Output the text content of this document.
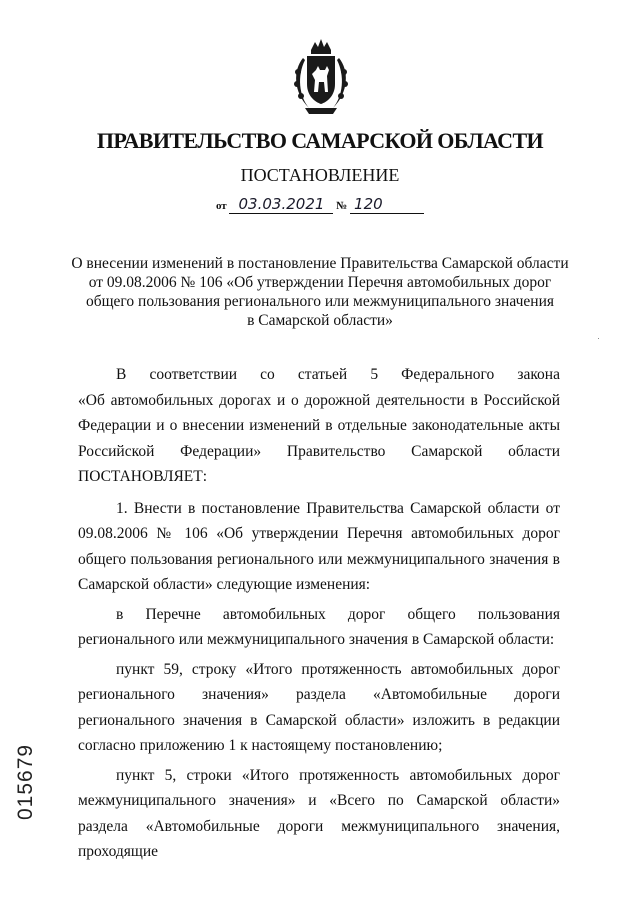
ПРАВИТЕЛЬСТВО САМАРСКОЙ ОБЛАСТИ
ПОСТАНОВЛЕНИЕ
от 03.03.2021 № 120
О внесении изменений в постановление Правительства Самарской области
от 09.08.2006 № 106 «Об утверждении Перечня автомобильных дорог
общего пользования регионального или межмуниципального значения
в Самарской области»

В соответствии со статьей 5 Федерального закона

«Об автомобильных дорогах и о дорожной деятельности в Российской

Федерации и о внесении изменений в отдельные законодательные акты

Российской Федерации» Правительство Самарской области

ПОСТАНОВЛЯЕТ:

1. Внести в постановление Правительства Самарской области от 09.08.2006 № 106 «Об утверждении Перечня автомобильных дорог общего пользования регионального или межмуниципального значения в Самарской области» следующие изменения:

в Перечне автомобильных дорог общего пользования регионального или межмуниципального значения в Самарской области:

пункт 59, строку «Итого протяженность автомобильных дорог регионального значения» раздела «Автомобильные дороги регионального значения в Самарской области» изложить в редакции согласно приложению 1 к настоящему постановлению;

пункт 5, строки «Итого протяженность автомобильных дорог межмуниципального значения» и «Всего по Самарской области» раздела «Автомобильные дороги межмуниципального значения, проходящие

015679
